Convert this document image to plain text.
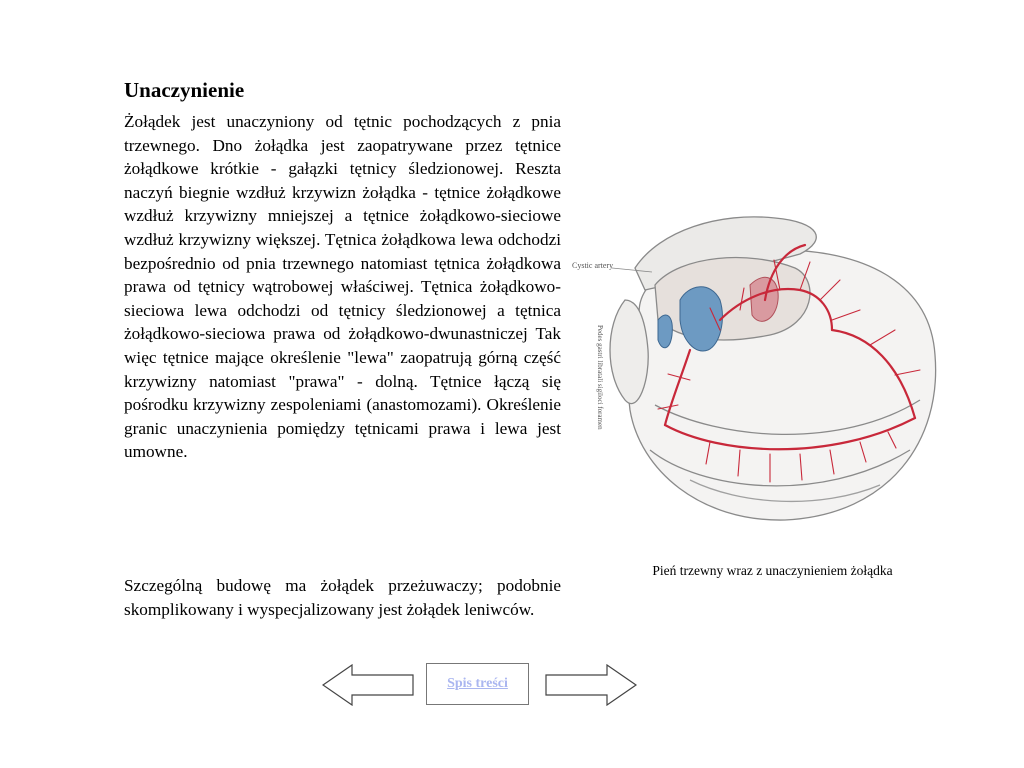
Unaczynienie

Żołądek jest unaczyniony od tętnic pochodzących z pnia trzewnego. Dno żołądka jest zaopatrywane przez tętnice żołądkowe krótkie - gałązki tętnicy śledzionowej. Reszta naczyń biegnie wzdłuż krzywizn żołądka - tętnice żołądkowe wzdłuż krzywizny mniejszej a tętnice żołądkowo-sieciowe wzdłuż krzywizny większej. Tętnica żołądkowa lewa odchodzi bezpośrednio od pnia trzewnego natomiast tętnica żołądkowa prawa od tętnicy wątrobowej właściwej. Tętnica żołądkowo-sieciowa lewa odchodzi od tętnicy śledzionowej a tętnica żołądkowo-sieciowa prawa od żołądkowo-dwunastniczej Tak więc tętnice mające określenie "lewa" zaopatrują górną część krzywizny natomiast "prawa" - dolną. Tętnice łączą się pośrodku krzywizny zespoleniami (anastomozami). Określenie granic unaczynienia pomiędzy tętnicami prawa i lewa jest umowne.

Szczególną budowę ma żołądek przeżuwaczy; podobnie skomplikowany i wyspecjalizowany jest żołądek leniwców.

Cystic artery
Pedes gastri libratali sigiloci foramen
Pień trzewny wraz z unaczynieniem żołądka
Spis treści
